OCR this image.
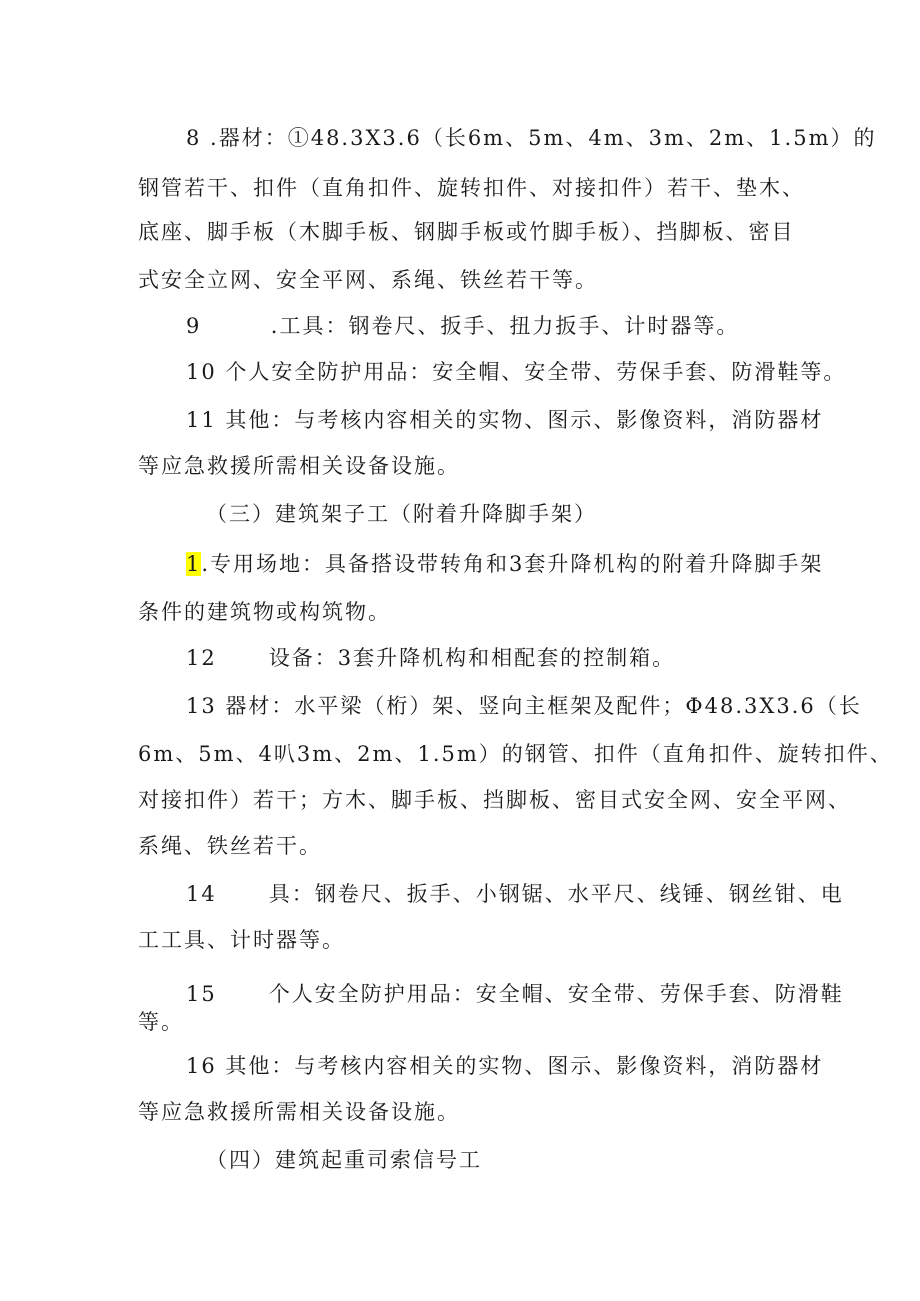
8 .器材：①48.3X3.6（长6m、5m、4m、3m、2m、1.5m）的
钢管若干、扣件（直角扣件、旋转扣件、对接扣件）若干、垫木、
底座、脚手板（木脚手板、钢脚手板或竹脚手板）、挡脚板、密目
式安全立网、安全平网、系绳、铁丝若干等。
9        .工具：钢卷尺、扳手、扭力扳手、计时器等。
10 个人安全防护用品：安全帽、安全带、劳保手套、防滑鞋等。
11 其他：与考核内容相关的实物、图示、影像资料，消防器材
等应急救援所需相关设备设施。
（三）建筑架子工（附着升降脚手架）
1.专用场地：具备搭设带转角和3套升降机构的附着升降脚手架
条件的建筑物或构筑物。
12      设备：3套升降机构和相配套的控制箱。
13 器材：水平梁（桁）架、竖向主框架及配件；Φ48.3X3.6（长
6m、5m、4叭3m、2m、1.5m）的钢管、扣件（直角扣件、旋转扣件、
对接扣件）若干；方木、脚手板、挡脚板、密目式安全网、安全平网、
系绳、铁丝若干。
14      具：钢卷尺、扳手、小钢锯、水平尺、线锤、钢丝钳、电
工工具、计时器等。
15      个人安全防护用品：安全帽、安全带、劳保手套、防滑鞋
等。
16 其他：与考核内容相关的实物、图示、影像资料，消防器材
等应急救援所需相关设备设施。
（四）建筑起重司索信号工
